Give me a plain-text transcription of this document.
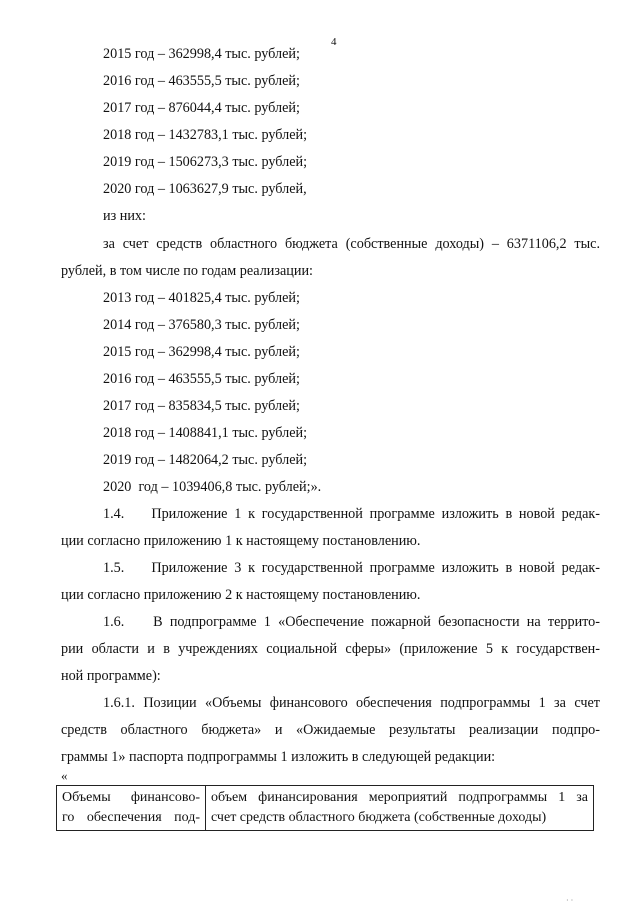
4
2015 год – 362998,4 тыс. рублей;
2016 год – 463555,5 тыс. рублей;
2017 год – 876044,4 тыс. рублей;
2018 год – 1432783,1 тыс. рублей;
2019 год – 1506273,3 тыс. рублей;
2020 год – 1063627,9 тыс. рублей,
из них:
за счет средств областного бюджета (собственные доходы) – 6371106,2 тыс.
рублей, в том числе по годам реализации:
2013 год – 401825,4 тыс. рублей;
2014 год – 376580,3 тыс. рублей;
2015 год – 362998,4 тыс. рублей;
2016 год – 463555,5 тыс. рублей;
2017 год – 835834,5 тыс. рублей;
2018 год – 1408841,1 тыс. рублей;
2019 год – 1482064,2 тыс. рублей;
2020  год – 1039406,8 тыс. рублей;».
1.4.    Приложение 1 к государственной программе изложить в новой редак-
ции согласно приложению 1 к настоящему постановлению.
1.5.    Приложение 3 к государственной программе изложить в новой редак-
ции согласно приложению 2 к настоящему постановлению.
1.6.    В подпрограмме 1 «Обеспечение пожарной безопасности на террито-
рии области и в учреждениях социальной сферы» (приложение 5 к государствен-
ной программе):
1.6.1. Позиции «Объемы финансового обеспечения подпрограммы 1 за счет
средств областного бюджета» и «Ожидаемые результаты реализации подпро-
граммы 1» паспорта подпрограммы 1 изложить в следующей редакции:
«
Объемы финансово-
го обеспечения под-

объем финансирования мероприятий подпрограммы 1 за
счет средств областного бюджета (собственные доходы)
· ·
